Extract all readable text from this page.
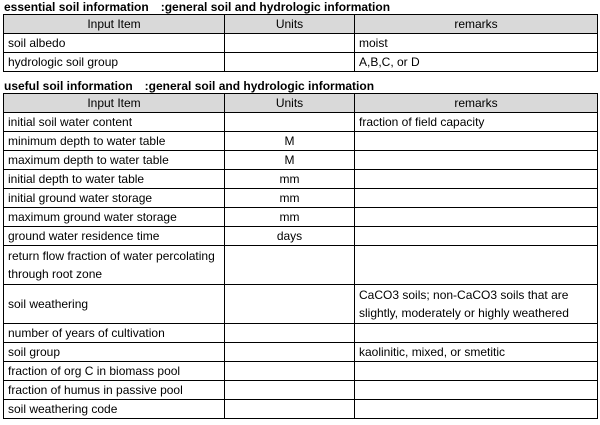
essential soil information　:general soil and hydrologic information
Input Item	Units	remarks
soil albedo		moist
hydrologic soil group		A,B,C, or D
useful soil information　:general soil and hydrologic information
Input Item	Units	remarks
initial soil water content		fraction of field capacity
minimum depth to water table	M	
maximum depth to water table	M	
initial depth to water table	mm	
initial ground water storage	mm	
maximum ground water storage	mm	
ground water residence time	days	
return flow fraction of water percolating through root zone		
soil weathering		CaCO3 soils; non-CaCO3 soils that are slightly, moderately or highly weathered
number of years of cultivation		
soil group		kaolinitic, mixed, or smetitic
fraction of org C in biomass pool		
fraction of humus in passive pool		
soil weathering code		
